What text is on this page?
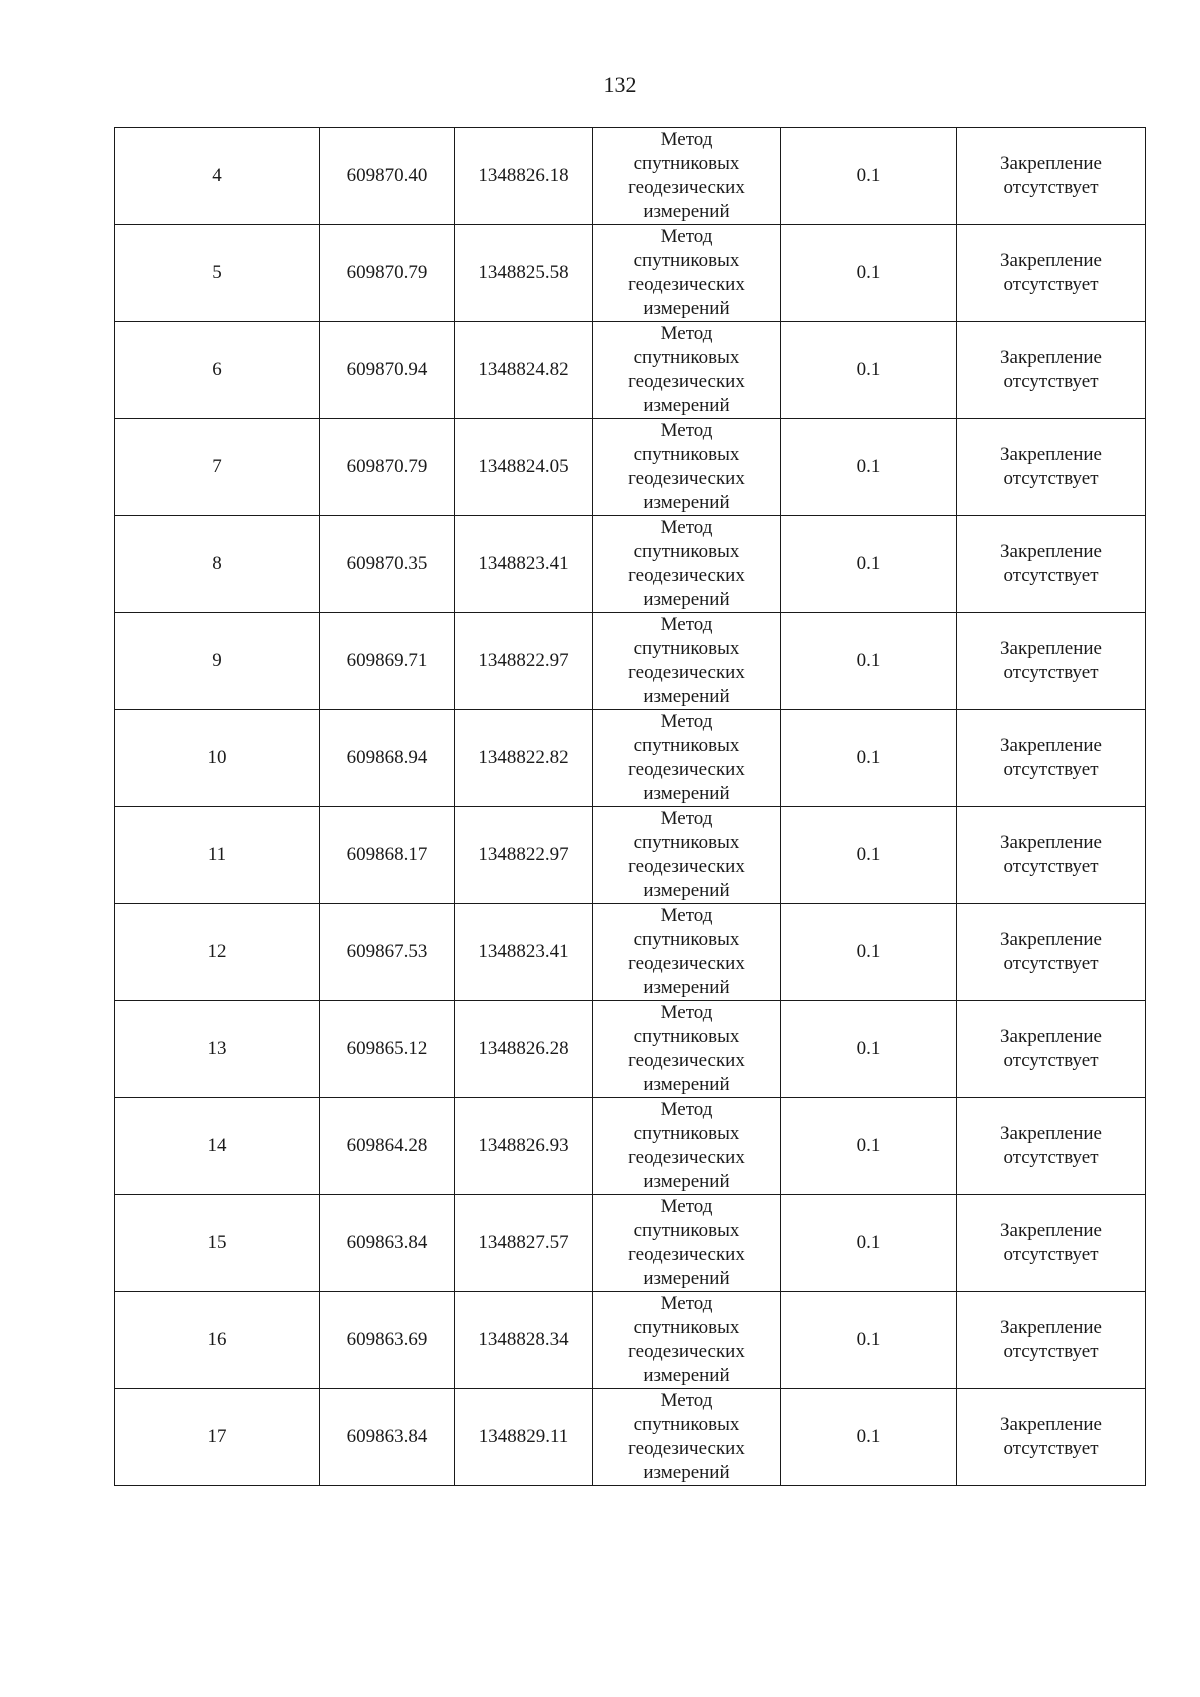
132
4	609870.40	1348826.18	Метод
спутниковых
геодезических
измерений	0.1	Закрепление
отсутствует

5	609870.79	1348825.58	Метод
спутниковых
геодезических
измерений	0.1	Закрепление
отсутствует

6	609870.94	1348824.82	Метод
спутниковых
геодезических
измерений	0.1	Закрепление
отсутствует

7	609870.79	1348824.05	Метод
спутниковых
геодезических
измерений	0.1	Закрепление
отсутствует

8	609870.35	1348823.41	Метод
спутниковых
геодезических
измерений	0.1	Закрепление
отсутствует

9	609869.71	1348822.97	Метод
спутниковых
геодезических
измерений	0.1	Закрепление
отсутствует

10	609868.94	1348822.82	Метод
спутниковых
геодезических
измерений	0.1	Закрепление
отсутствует

11	609868.17	1348822.97	Метод
спутниковых
геодезических
измерений	0.1	Закрепление
отсутствует

12	609867.53	1348823.41	Метод
спутниковых
геодезических
измерений	0.1	Закрепление
отсутствует

13	609865.12	1348826.28	Метод
спутниковых
геодезических
измерений	0.1	Закрепление
отсутствует

14	609864.28	1348826.93	Метод
спутниковых
геодезических
измерений	0.1	Закрепление
отсутствует

15	609863.84	1348827.57	Метод
спутниковых
геодезических
измерений	0.1	Закрепление
отсутствует

16	609863.69	1348828.34	Метод
спутниковых
геодезических
измерений	0.1	Закрепление
отсутствует

17	609863.84	1348829.11	Метод
спутниковых
геодезических
измерений	0.1	Закрепление
отсутствует
